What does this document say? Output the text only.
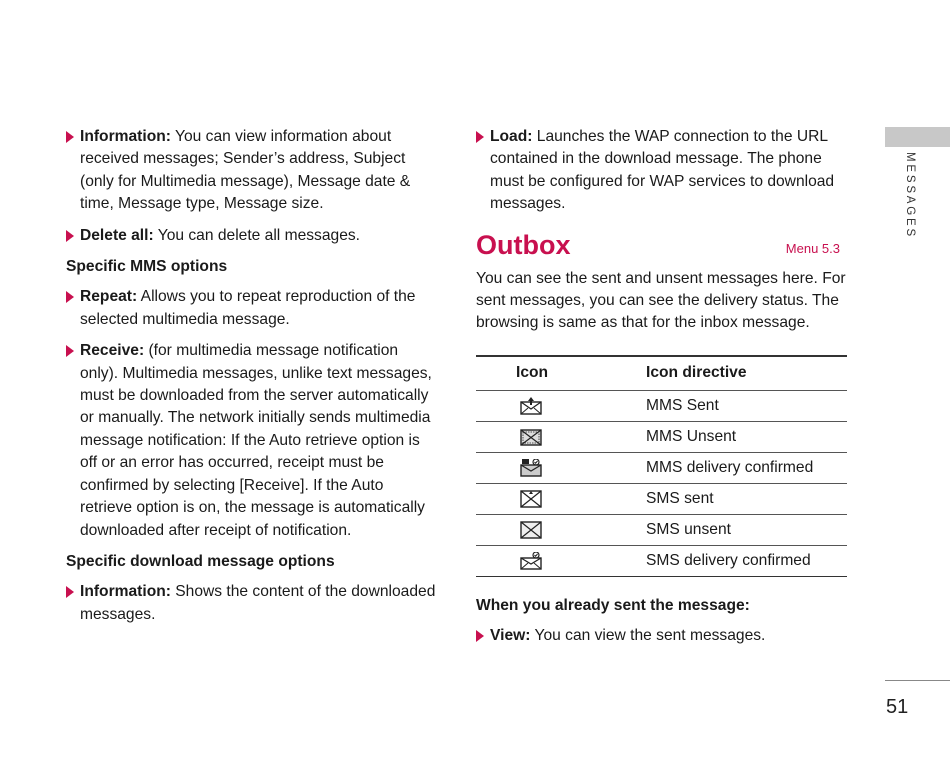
Information: You can view information about received messages; Sender’s address, Subject (only for Multimedia message), Message date & time, Message type, Message size.
Delete all: You can delete all messages.
Specific MMS options
Repeat: Allows you to repeat reproduction of the selected multimedia message.
Receive: (for multimedia message notification only). Multimedia messages, unlike text messages, must be downloaded from the server automatically or manually. The network initially sends multimedia message notification: If the Auto retrieve option is off or an error has occurred, receipt must be confirmed by selecting [Receive]. If the Auto retrieve option is on, the message is automatically downloaded after receipt of notification.
Specific download message options
Information: Shows the content of the downloaded messages.
Load: Launches the WAP connection to the URL contained in the download message. The phone must be configured for WAP services to download messages.
Outbox	Menu 5.3
You can see the sent and unsent messages here. For sent messages, you can see the delivery status. The browsing is same as that for the inbox message.
Icon	Icon directive
	MMS Sent
	MMS Unsent
	MMS delivery confirmed
	SMS sent
	SMS unsent
	SMS delivery confirmed
When you already sent the message:
View: You can view the sent messages.
MESSAGES
51
